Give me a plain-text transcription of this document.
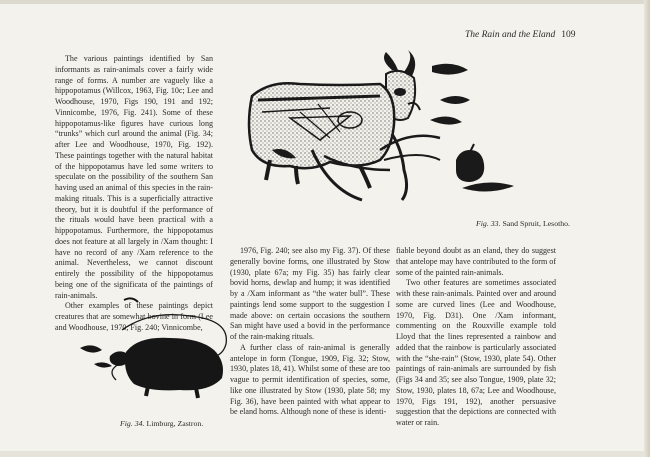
The Rain and the Eland 109

The various paintings identified by San informants as rain-animals cover a fairly wide range of forms. A number are vaguely like a hippopotamus (Willcox, 1963, Fig. 10c; Lee and Woodhouse, 1970, Figs 190, 191 and 192; Vinnicombe, 1976, Fig. 241). Some of these hippopotamus-like figures have curious long “trunks” which curl around the animal (Fig. 34; after Lee and Woodhouse, 1970, Fig. 192). These paintings together with the natural habitat of the hippopotamus have led some writers to speculate on the possibility of the southern San having used an animal of this species in the rain-making rituals. This is a superficially attractive theory, but it is doubtful if the performance of the rituals would have been practical with a hippopotamus. Furthermore, the hippopotamus does not feature at all largely in /Xam thought: I have no record of any /Xam reference to the animal. Nevertheless, we cannot discount entirely the possibility of the hippopotamus being one of the significata of the paintings of rain-animals.

Other examples of these paintings depict creatures that are somewhat bovine in form (Lee and Woodhouse, 1970, Fig. 240; Vinnicombe,

1976, Fig. 240; see also my Fig. 37). Of these generally bovine forms, one illustrated by Stow (1930, plate 67a; my Fig. 35) has fairly clear bovid horns, dewlap and hump; it was identified by a /Xam informant as “the water bull”. These paintings lend some support to the suggestion I made above: on certain occasions the southern San might have used a bovid in the performance of the rain-making rituals.

A further class of rain-animal is generally antelope in form (Tongue, 1909, Fig. 32; Stow, 1930, plates 18, 41). Whilst some of these are too vague to permit identification of species, some, like one illustrated by Stow (1930, plate 58; my Fig. 36), have been painted with what appear to be eland horns. Although none of these is identi-

fiable beyond doubt as an eland, they do suggest that antelope may have contributed to the form of some of the painted rain-animals.

Two other features are sometimes associated with these rain-animals. Painted over and around some are curved lines (Lee and Woodhouse, 1970, Fig. D31). One /Xam informant, commenting on the Rouxville example told Lloyd that the lines represented a rainbow and added that the rainbow is particularly associated with the “she-rain” (Stow, 1930, plate 54). Other paintings of rain-animals are surrounded by fish (Figs 34 and 35; see also Tongue, 1909, plate 32; Stow, 1930, plates 18, 67a; Lee and Woodhouse, 1970, Figs 191, 192), another persuasive suggestion that the depictions are connected with water or rain.

Fig. 33. Sand Spruit, Lesotho.
Fig. 34. Limburg, Zastron.
